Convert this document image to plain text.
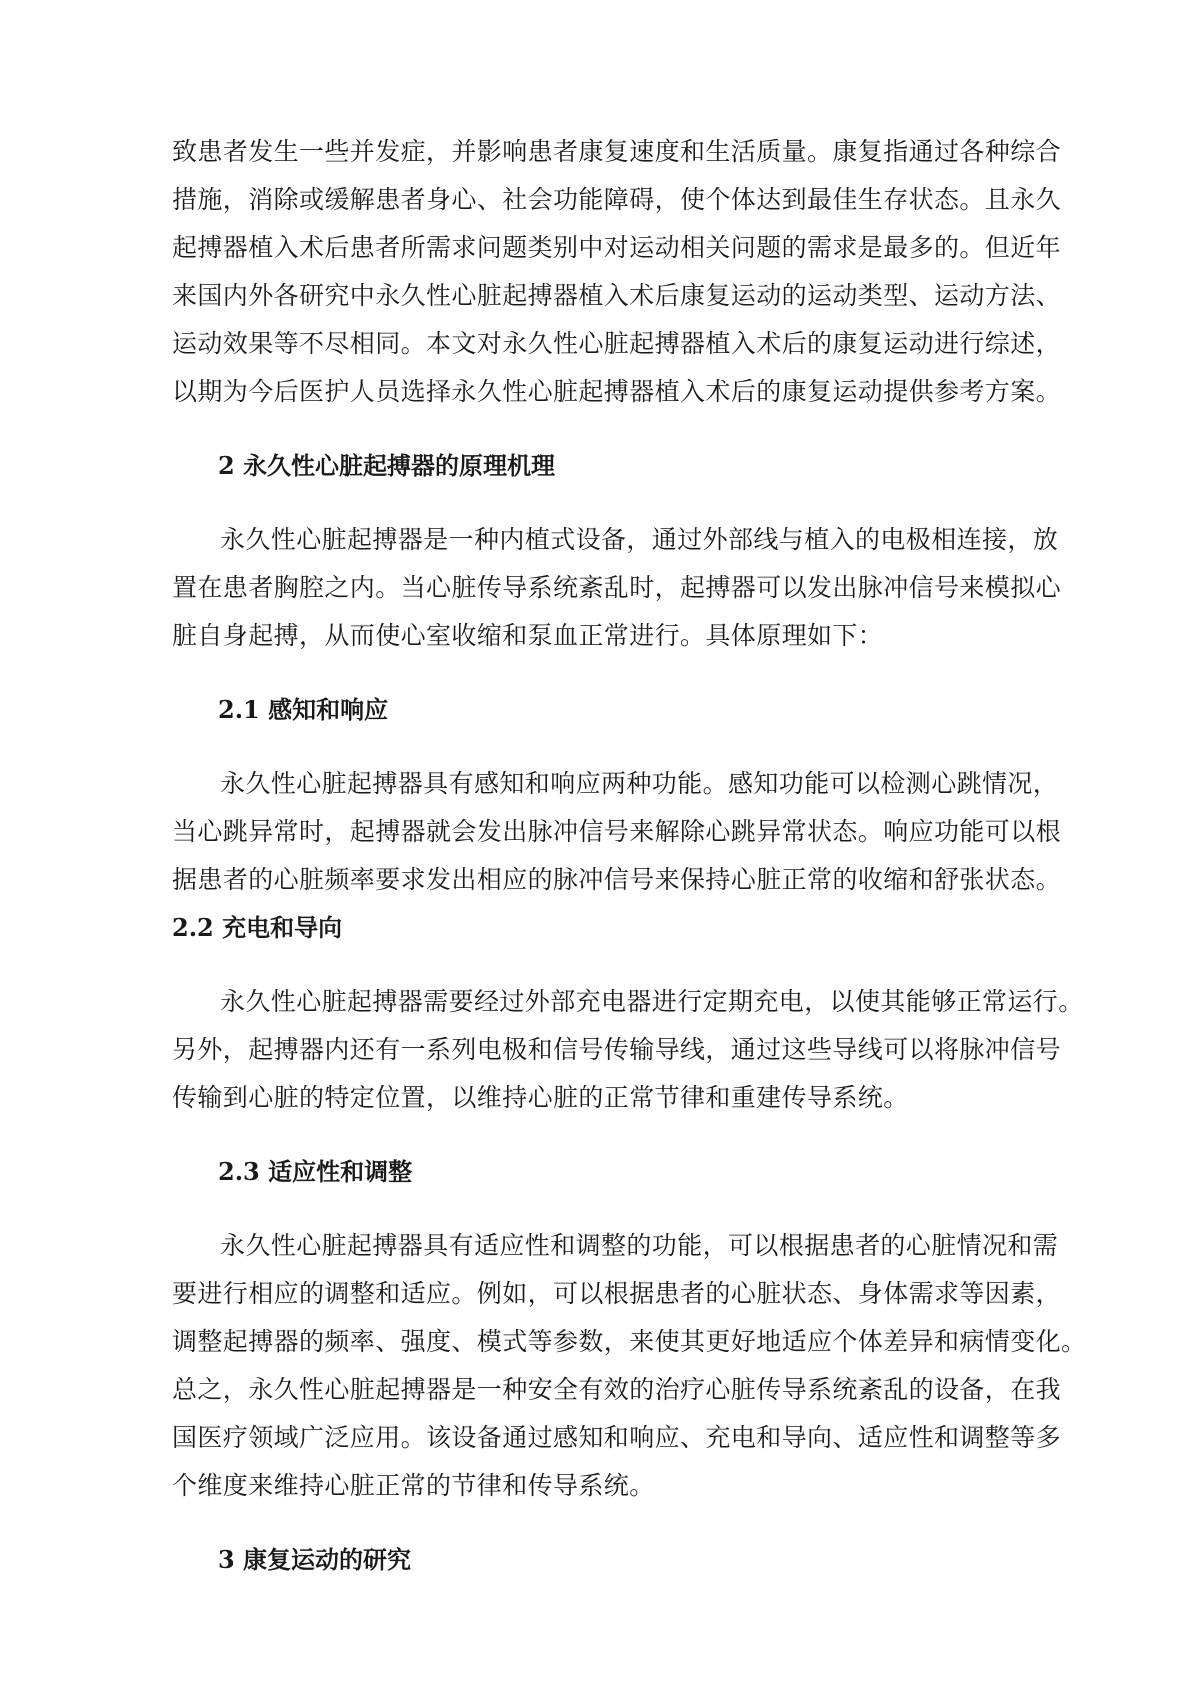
致患者发生一些并发症，并影响患者康复速度和生活质量。康复指通过各种综合
措施，消除或缓解患者身心、社会功能障碍，使个体达到最佳生存状态。且永久
起搏器植入术后患者所需求问题类别中对运动相关问题的需求是最多的。但近年
来国内外各研究中永久性心脏起搏器植入术后康复运动的运动类型、运动方法、
运动效果等不尽相同。本文对永久性心脏起搏器植入术后的康复运动进行综述，
以期为今后医护人员选择永久性心脏起搏器植入术后的康复运动提供参考方案。

2 永久性心脏起搏器的原理机理

永久性心脏起搏器是一种内植式设备，通过外部线与植入的电极相连接，放
置在患者胸腔之内。当心脏传导系统紊乱时，起搏器可以发出脉冲信号来模拟心
脏自身起搏，从而使心室收缩和泵血正常进行。具体原理如下：

2.1 感知和响应

永久性心脏起搏器具有感知和响应两种功能。感知功能可以检测心跳情况，
当心跳异常时，起搏器就会发出脉冲信号来解除心跳异常状态。响应功能可以根
据患者的心脏频率要求发出相应的脉冲信号来保持心脏正常的收缩和舒张状态。

2.2 充电和导向

永久性心脏起搏器需要经过外部充电器进行定期充电，以使其能够正常运行。
另外，起搏器内还有一系列电极和信号传输导线，通过这些导线可以将脉冲信号
传输到心脏的特定位置，以维持心脏的正常节律和重建传导系统。

2.3 适应性和调整

永久性心脏起搏器具有适应性和调整的功能，可以根据患者的心脏情况和需
要进行相应的调整和适应。例如，可以根据患者的心脏状态、身体需求等因素，
调整起搏器的频率、强度、模式等参数，来使其更好地适应个体差异和病情变化。
总之，永久性心脏起搏器是一种安全有效的治疗心脏传导系统紊乱的设备，在我
国医疗领域广泛应用。该设备通过感知和响应、充电和导向、适应性和调整等多
个维度来维持心脏正常的节律和传导系统。

3 康复运动的研究
